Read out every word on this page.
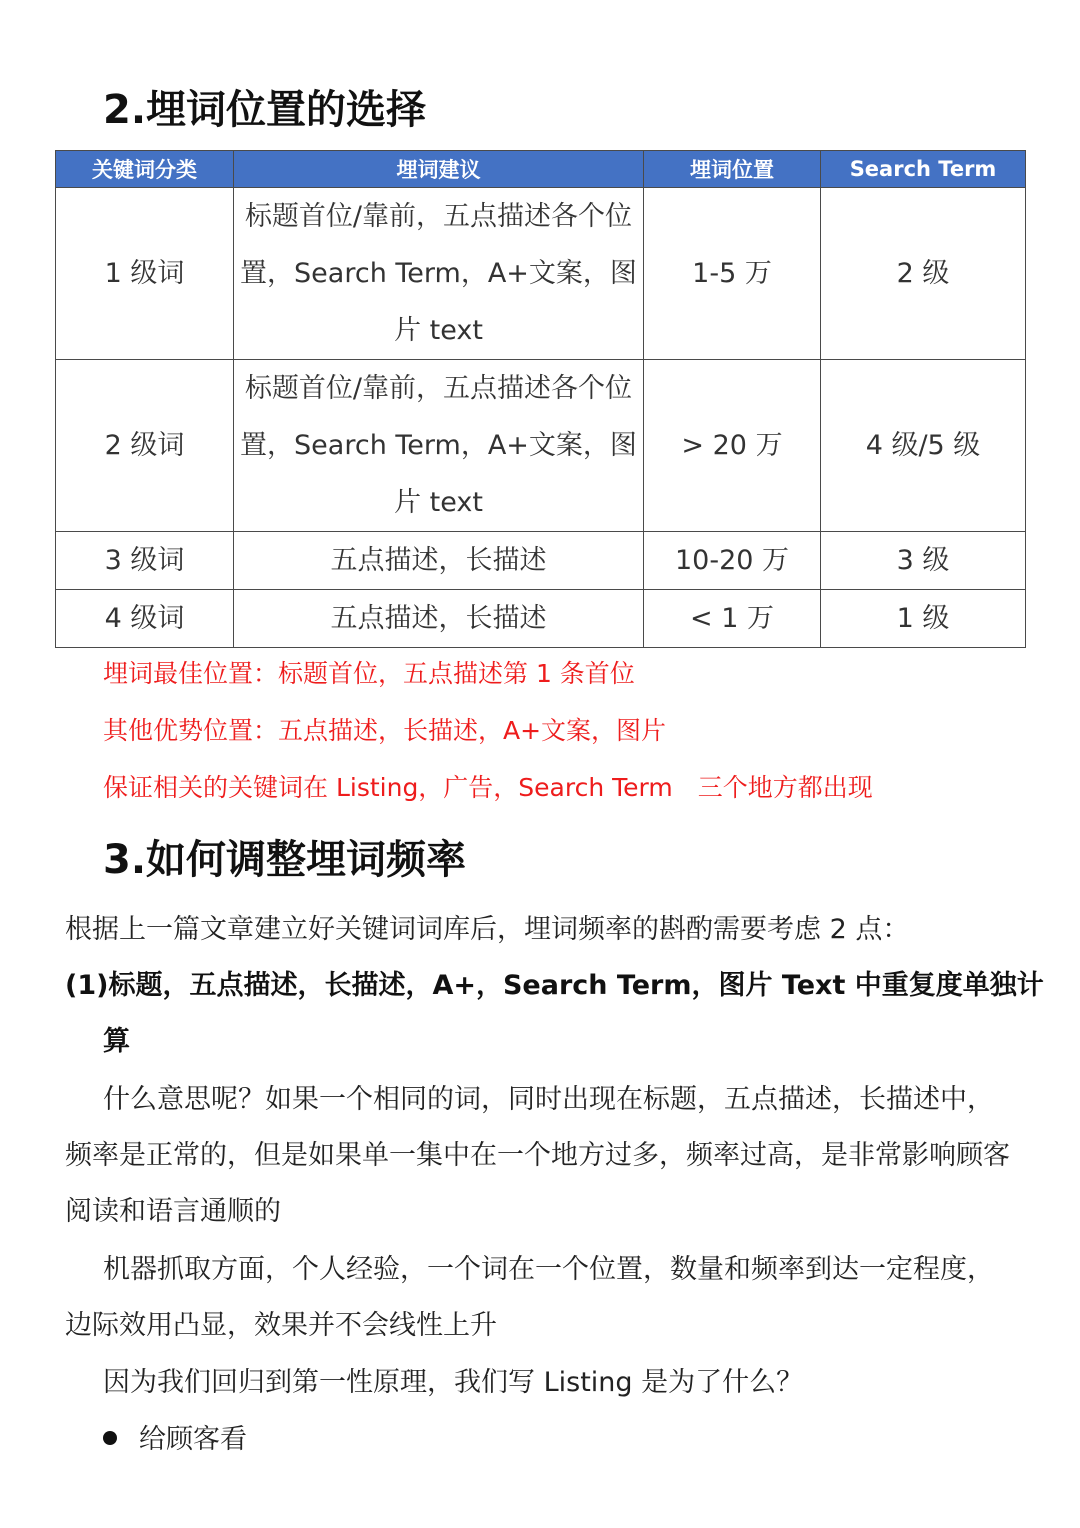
2.埋词位置的选择
关键词分类	埋词建议	埋词位置	Search Term
1 级词	标题首位/靠前，五点描述各个位置，Search Term，A+文案，图片 text	1-5 万	2 级
2 级词	标题首位/靠前，五点描述各个位置，Search Term，A+文案，图片 text	> 20 万	4 级/5 级
3 级词	五点描述，长描述	10-20 万	3 级
4 级词	五点描述，长描述	< 1 万	1 级
埋词最佳位置：标题首位，五点描述第 1 条首位
其他优势位置：五点描述，长描述，A+文案，图片
保证相关的关键词在 Listing，广告，Search Term　三个地方都出现
3.如何调整埋词频率
根据上一篇文章建立好关键词词库后，埋词频率的斟酌需要考虑 2 点：
(1)标题，五点描述，长描述，A+，Search Term，图片 Text 中重复度单独计算
什么意思呢？如果一个相同的词，同时出现在标题，五点描述，长描述中，频率是正常的，但是如果单一集中在一个地方过多，频率过高，是非常影响顾客阅读和语言通顺的
机器抓取方面，个人经验，一个词在一个位置，数量和频率到达一定程度，边际效用凸显，效果并不会线性上升
因为我们回归到第一性原理，我们写 Listing 是为了什么？
给顾客看
